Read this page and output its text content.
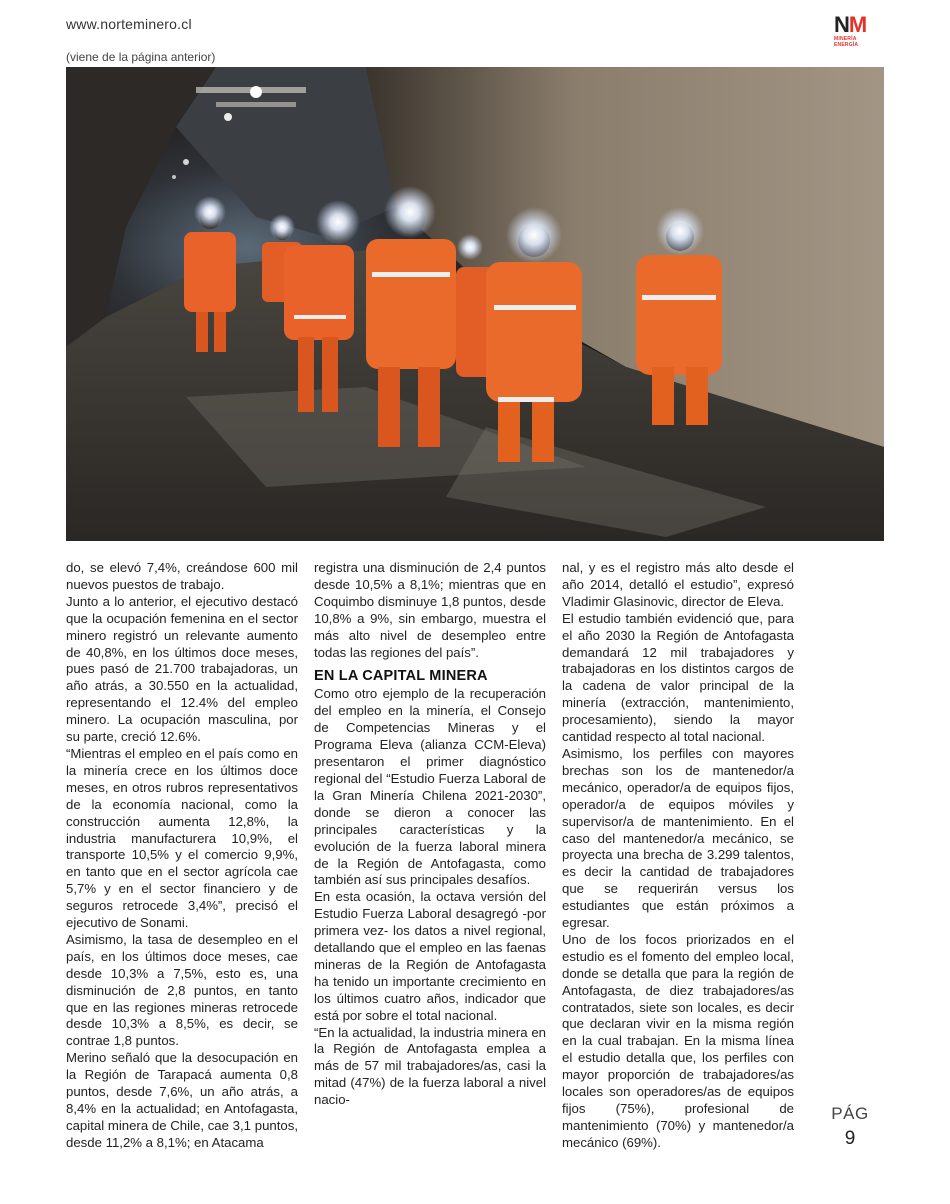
www.norteminero.cl	NM
MINERÍA
ENERGÍA
(viene de la página anterior)

do, se elevó 7,4%, creándose 600 mil nuevos puestos de trabajo.

Junto a lo anterior, el ejecutivo destacó que la ocupación femenina en el sector minero registró un relevante aumento de 40,8%, en los últimos doce meses, pues pasó de 21.700 trabajadoras, un año atrás, a 30.550 en la actualidad, representando el 12.4% del empleo minero. La ocupación masculina, por su parte, creció 12.6%.

“Mientras el empleo en el país como en la minería crece en los últimos doce meses, en otros rubros representativos de la economía nacional, como la construcción aumenta 12,8%, la industria manufacturera 10,9%, el transporte 10,5% y el comercio 9,9%, en tanto que en el sector agrícola cae 5,7% y en el sector financiero y de seguros retrocede 3,4%”, precisó el ejecutivo de Sonami.

Asimismo, la tasa de desempleo en el país, en los últimos doce meses, cae desde 10,3% a 7,5%, esto es, una disminución de 2,8 puntos, en tanto que en las regiones mineras retrocede desde 10,3% a 8,5%, es decir, se contrae 1,8 puntos.

Merino señaló que la desocupación en la Región de Tarapacá aumenta 0,8 puntos, desde 7,6%, un año atrás, a 8,4% en la actualidad; en Antofagasta, capital minera de Chile, cae 3,1 puntos, desde 11,2% a 8,1%; en Atacama

registra una disminución de 2,4 puntos desde 10,5% a 8,1%; mientras que en Coquimbo disminuye 1,8 puntos, desde 10,8% a 9%, sin embargo, muestra el más alto nivel de desempleo entre todas las regiones del país”.

EN LA CAPITAL MINERA

Como otro ejemplo de la recuperación del empleo en la minería, el Consejo de Competencias Mineras y el Programa Eleva (alianza CCM-Eleva) presentaron el primer diagnóstico regional del “Estudio Fuerza Laboral de la Gran Minería Chilena 2021-2030”, donde se dieron a conocer las principales características y la evolución de la fuerza laboral minera de la Región de Antofagasta, como también así sus principales desafíos.

En esta ocasión, la octava versión del Estudio Fuerza Laboral desagregó -por primera vez- los datos a nivel regional, detallando que el empleo en las faenas mineras de la Región de Antofagasta ha tenido un importante crecimiento en los últimos cuatro años, indicador que está por sobre el total nacional.

“En la actualidad, la industria minera en la Región de Antofagasta emplea a más de 57 mil trabajadores/as, casi la mitad (47%) de la fuerza laboral a nivel nacio-

nal, y es el registro más alto desde el año 2014, detalló el estudio”, expresó Vladimir Glasinovic, director de Eleva.

El estudio también evidenció que, para el año 2030 la Región de Antofagasta demandará 12 mil trabajadores y trabajadoras en los distintos cargos de la cadena de valor principal de la minería (extracción, mantenimiento, procesamiento), siendo la mayor cantidad respecto al total nacional.

Asimismo, los perfiles con mayores brechas son los de mantenedor/a mecánico, operador/a de equipos fijos, operador/a de equipos móviles y supervisor/a de mantenimiento. En el caso del mantenedor/a mecánico, se proyecta una brecha de 3.299 talentos, es decir la cantidad de trabajadores que se requerirán versus los estudiantes que están próximos a egresar.

Uno de los focos priorizados en el estudio es el fomento del empleo local, donde se detalla que para la región de Antofagasta, de diez trabajadores/as contratados, siete son locales, es decir que declaran vivir en la misma región en la cual trabajan. En la misma línea el estudio detalla que, los perfiles con mayor proporción de trabajadores/as locales son operadores/as de equipos fijos (75%), profesional de mantenimiento (70%) y mantenedor/a mecánico (69%).

PÁG
9
